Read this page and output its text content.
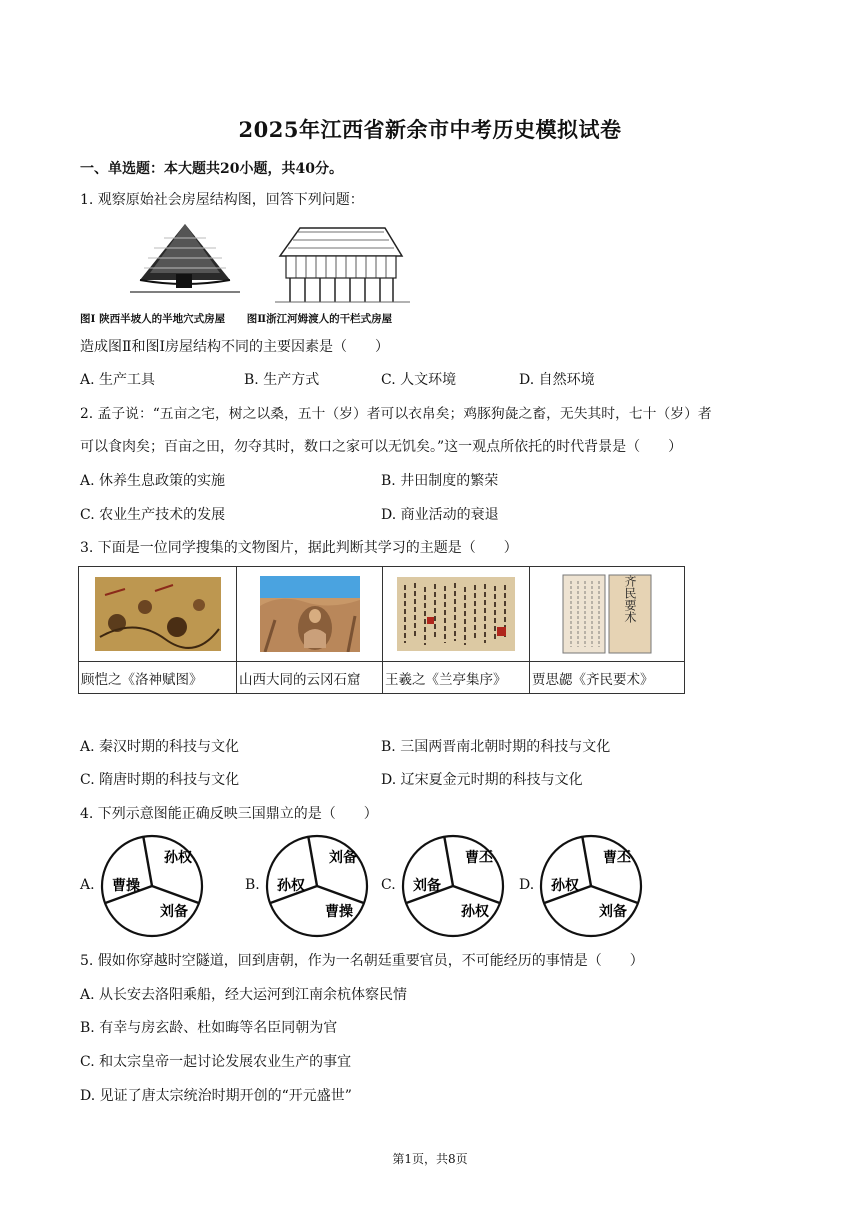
2025年江西省新余市中考历史模拟试卷
一、单选题：本大题共20小题，共40分。
1. 观察原始社会房屋结构图，回答下列问题：
图Ⅰ 陕西半坡人的半地穴式房屋 图Ⅱ浙江河姆渡人的干栏式房屋
造成图Ⅱ和图Ⅰ房屋结构不同的主要因素是（　　）
A. 生产工具	B. 生产方式	C. 人文环境	D. 自然环境
2. 孟子说：“五亩之宅，树之以桑，五十（岁）者可以衣帛矣；鸡豚狗彘之畜，无失其时，七十（岁）者
可以食肉矣；百亩之田，勿夺其时，数口之家可以无饥矣。”这一观点所依托的时代背景是（　　）
A. 休养生息政策的实施	B. 井田制度的繁荣
C. 农业生产技术的发展	D. 商业活动的衰退
3. 下面是一位同学搜集的文物图片，据此判断其学习的主题是（　　）

齐民要术

顾恺之《洛神赋图》	山西大同的云冈石窟	王羲之《兰亭集序》	贾思勰《齐民要术》
A. 秦汉时期的科技与文化	B. 三国两晋南北朝时期的科技与文化
C. 隋唐时期的科技与文化	D. 辽宋夏金元时期的科技与文化
4. 下列示意图能正确反映三国鼎立的是（　　）
A.
孙权
曹操
刘备
B.
刘备
孙权
曹操
C.
曹丕
刘备
孙权
D.
曹丕
孙权
刘备
5. 假如你穿越时空隧道，回到唐朝，作为一名朝廷重要官员，不可能经历的事情是（　　）
A. 从长安去洛阳乘船，经大运河到江南余杭体察民情
B. 有幸与房玄龄、杜如晦等名臣同朝为官
C. 和太宗皇帝一起讨论发展农业生产的事宜
D. 见证了唐太宗统治时期开创的“开元盛世”
第1页，共8页
